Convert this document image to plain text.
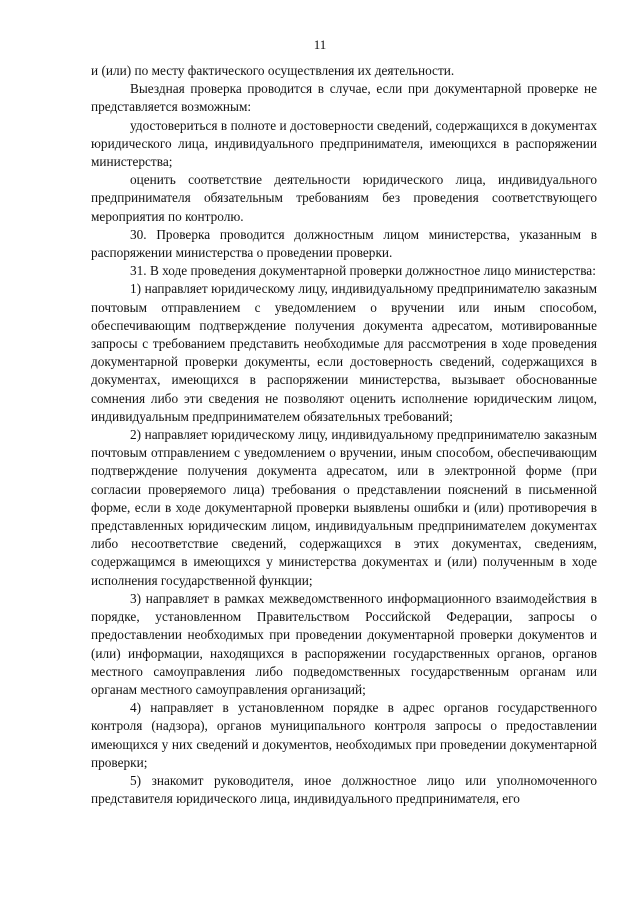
11

и (или) по месту фактического осуществления их деятельности.

Выездная проверка проводится в случае, если при документарной проверке не представляется возможным:

удостовериться в полноте и достоверности сведений, содержащихся в документах юридического лица, индивидуального предпринимателя, имеющихся в распоряжении министерства;

оценить соответствие деятельности юридического лица, индивидуального предпринимателя обязательным требованиям без проведения соответствующего мероприятия по контролю.

30. Проверка проводится должностным лицом министерства, указанным в распоряжении министерства о проведении проверки.

31. В ходе проведения документарной проверки должностное лицо министерства:

1) направляет юридическому лицу, индивидуальному предпринимателю заказным почтовым отправлением с уведомлением о вручении или иным способом, обеспечивающим подтверждение получения документа адресатом, мотивированные запросы с требованием представить необходимые для рассмотрения в ходе проведения документарной проверки документы, если достоверность сведений, содержащихся в документах, имеющихся в распоряжении министерства, вызывает обоснованные сомнения либо эти сведения не позволяют оценить исполнение юридическим лицом, индивидуальным предпринимателем обязательных требований;

2) направляет юридическому лицу, индивидуальному предпринимателю заказным почтовым отправлением с уведомлением о вручении, иным способом, обеспечивающим подтверждение получения документа адресатом, или в электронной форме (при согласии проверяемого лица) требования о представлении пояснений в письменной форме, если в ходе документарной проверки выявлены ошибки и (или) противоречия в представленных юридическим лицом, индивидуальным предпринимателем документах либо несоответствие сведений, содержащихся в этих документах, сведениям, содержащимся в имеющихся у министерства документах и (или) полученным в ходе исполнения государственной функции;

3) направляет в рамках межведомственного информационного взаимодействия в порядке, установленном Правительством Российской Федерации, запросы о предоставлении необходимых при проведении документарной проверки документов и (или) информации, находящихся в распоряжении государственных органов, органов местного самоуправления либо подведомственных государственным органам или органам местного самоуправления организаций;

4) направляет в установленном порядке в адрес органов государственного контроля (надзора), органов муниципального контроля запросы о предоставлении имеющихся у них сведений и документов, необходимых при проведении документарной проверки;

5) знакомит руководителя, иное должностное лицо или уполномоченного представителя юридического лица, индивидуального предпринимателя, его
